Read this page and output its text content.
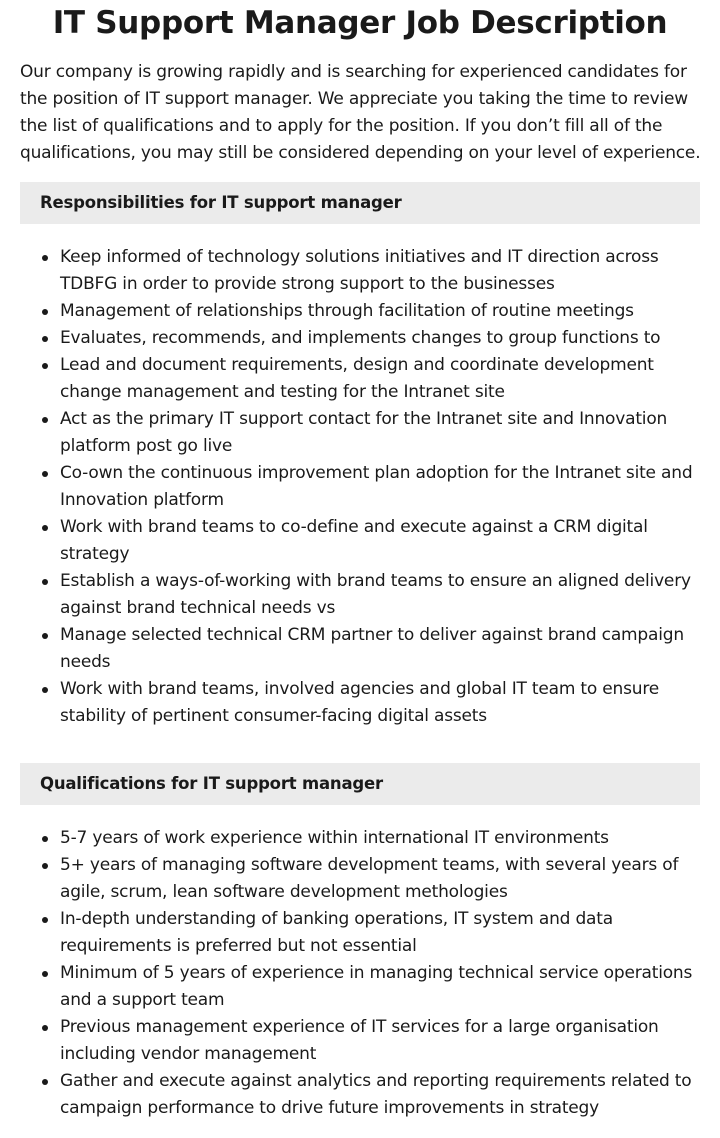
IT Support Manager Job Description

Our company is growing rapidly and is searching for experienced candidates for
the position of IT support manager. We appreciate you taking the time to review
the list of qualifications and to apply for the position. If you don’t fill all of the
qualifications, you may still be considered depending on your level of experience.

Responsibilities for IT support manager
Keep informed of technology solutions initiatives and IT direction across
TDBFG in order to provide strong support to the businesses
Management of relationships through facilitation of routine meetings
Evaluates, recommends, and implements changes to group functions to
Lead and document requirements, design and coordinate development
change management and testing for the Intranet site
Act as the primary IT support contact for the Intranet site and Innovation
platform post go live
Co-own the continuous improvement plan adoption for the Intranet site and
Innovation platform
Work with brand teams to co-define and execute against a CRM digital
strategy
Establish a ways-of-working with brand teams to ensure an aligned delivery
against brand technical needs vs
Manage selected technical CRM partner to deliver against brand campaign
needs
Work with brand teams, involved agencies and global IT team to ensure
stability of pertinent consumer-facing digital assets
Qualifications for IT support manager
5-7 years of work experience within international IT environments
5+ years of managing software development teams, with several years of
agile, scrum, lean software development methologies
In-depth understanding of banking operations, IT system and data
requirements is preferred but not essential
Minimum of 5 years of experience in managing technical service operations
and a support team
Previous management experience of IT services for a large organisation
including vendor management
Gather and execute against analytics and reporting requirements related to
campaign performance to drive future improvements in strategy
